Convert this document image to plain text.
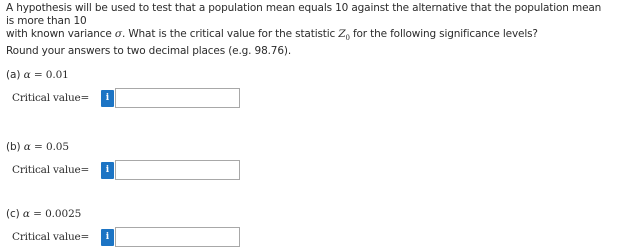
A hypothesis will be used to test that a population mean equals 10 against the alternative that the population mean is more than 10

with known variance σ. What is the critical value for the statistic $Z_0$ for the following significance levels?

Round your answers to two decimal places (e.g. 98.76).

(a) α = 0.01
Critical value=	i
(b) α = 0.05
Critical value=	i
(c) α = 0.0025
Critical value=	i
